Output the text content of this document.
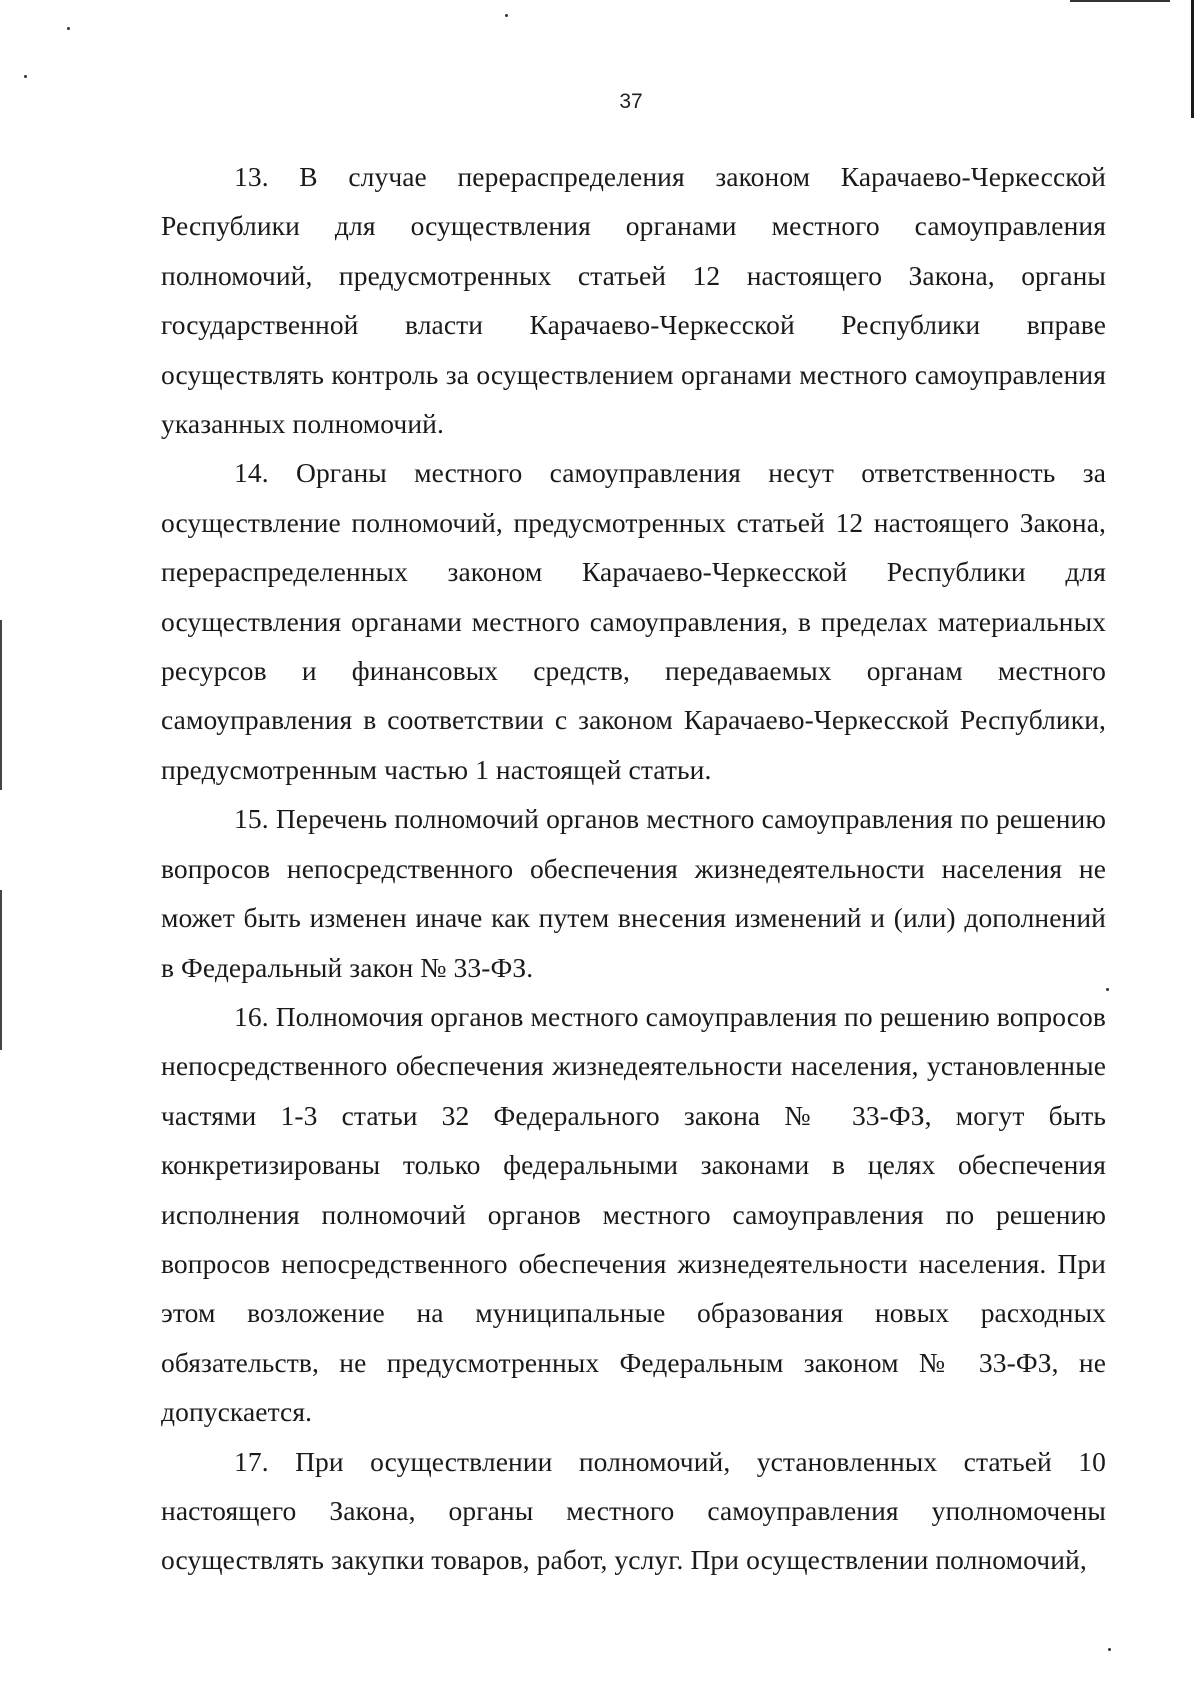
37

13. В случае перераспределения законом Карачаево-Черкесской Республики для осуществления органами местного самоуправления полномочий, предусмотренных статьей 12 настоящего Закона, органы государственной власти Карачаево-Черкесской Республики вправе осуществлять контроль за осуществлением органами местного самоуправления указанных полномочий.

14. Органы местного самоуправления несут ответственность за осуществление полномочий, предусмотренных статьей 12 настоящего Закона, перераспределенных законом Карачаево-Черкесской Республики для осуществления органами местного самоуправления, в пределах материальных ресурсов и финансовых средств, передаваемых органам местного самоуправления в соответствии с законом Карачаево-Черкесской Республики, предусмотренным частью 1 настоящей статьи.

15. Перечень полномочий органов местного самоуправления по решению вопросов непосредственного обеспечения жизнедеятельности населения не может быть изменен иначе как путем внесения изменений и (или) дополнений в Федеральный закон № 33-ФЗ.

16. Полномочия органов местного самоуправления по решению вопросов непосредственного обеспечения жизнедеятельности населения, установленные частями 1-3 статьи 32 Федерального закона № 33-ФЗ, могут быть конкретизированы только федеральными законами в целях обеспечения исполнения полномочий органов местного самоуправления по решению вопросов непосредственного обеспечения жизнедеятельности населения. При этом возложение на муниципальные образования новых расходных обязательств, не предусмотренных Федеральным законом № 33-ФЗ, не допускается.

17. При осуществлении полномочий, установленных статьей 10 настоящего Закона, органы местного самоуправления уполномочены осуществлять закупки товаров, работ, услуг. При осуществлении полномочий,
